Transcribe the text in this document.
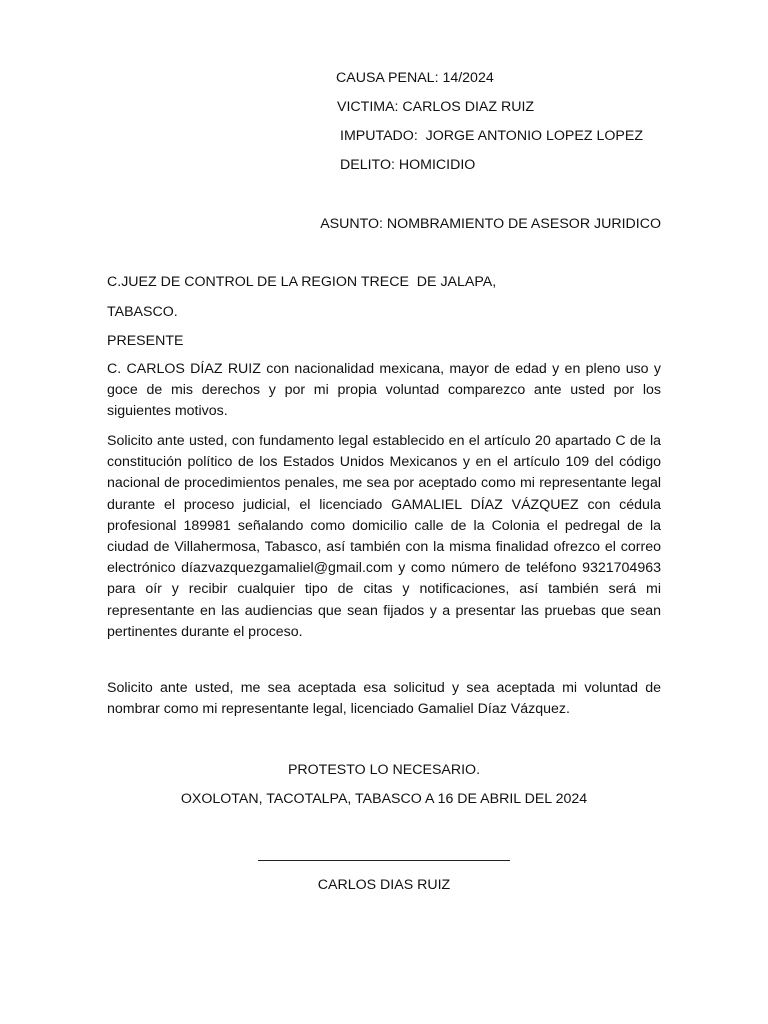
CAUSA PENAL: 14/2024
VICTIMA: CARLOS DIAZ RUIZ
IMPUTADO:  JORGE ANTONIO LOPEZ LOPEZ
DELITO: HOMICIDIO
ASUNTO: NOMBRAMIENTO DE ASESOR JURIDICO
C.JUEZ DE CONTROL DE LA REGION TRECE  DE JALAPA,
TABASCO.
PRESENTE
C. CARLOS DÍAZ RUIZ con nacionalidad mexicana, mayor de edad y en pleno uso y goce de mis derechos y por mi propia voluntad comparezco ante usted por los siguientes motivos.
Solicito ante usted, con fundamento legal establecido en el artículo 20 apartado C de la constitución político de los Estados Unidos Mexicanos y en el artículo 109 del código nacional de procedimientos penales, me sea por aceptado como mi representante legal durante el proceso judicial, el licenciado GAMALIEL DÍAZ VÁZQUEZ con cédula profesional 189981 señalando como domicilio calle de la Colonia el pedregal de la ciudad de Villahermosa, Tabasco, así también con la misma finalidad ofrezco el correo electrónico díazvazquezgamaliel@gmail.com y como número de teléfono 9321704963 para oír y recibir cualquier tipo de citas y notificaciones, así también será mi representante en las audiencias que sean fijados y a presentar las pruebas que sean pertinentes durante el proceso.
Solicito ante usted, me sea aceptada esa solicitud y sea aceptada mi voluntad de nombrar como mi representante legal, licenciado Gamaliel Díaz Vázquez.
PROTESTO LO NECESARIO.
OXOLOTAN, TACOTALPA, TABASCO A 16 DE ABRIL DEL 2024
CARLOS DIAS RUIZ
